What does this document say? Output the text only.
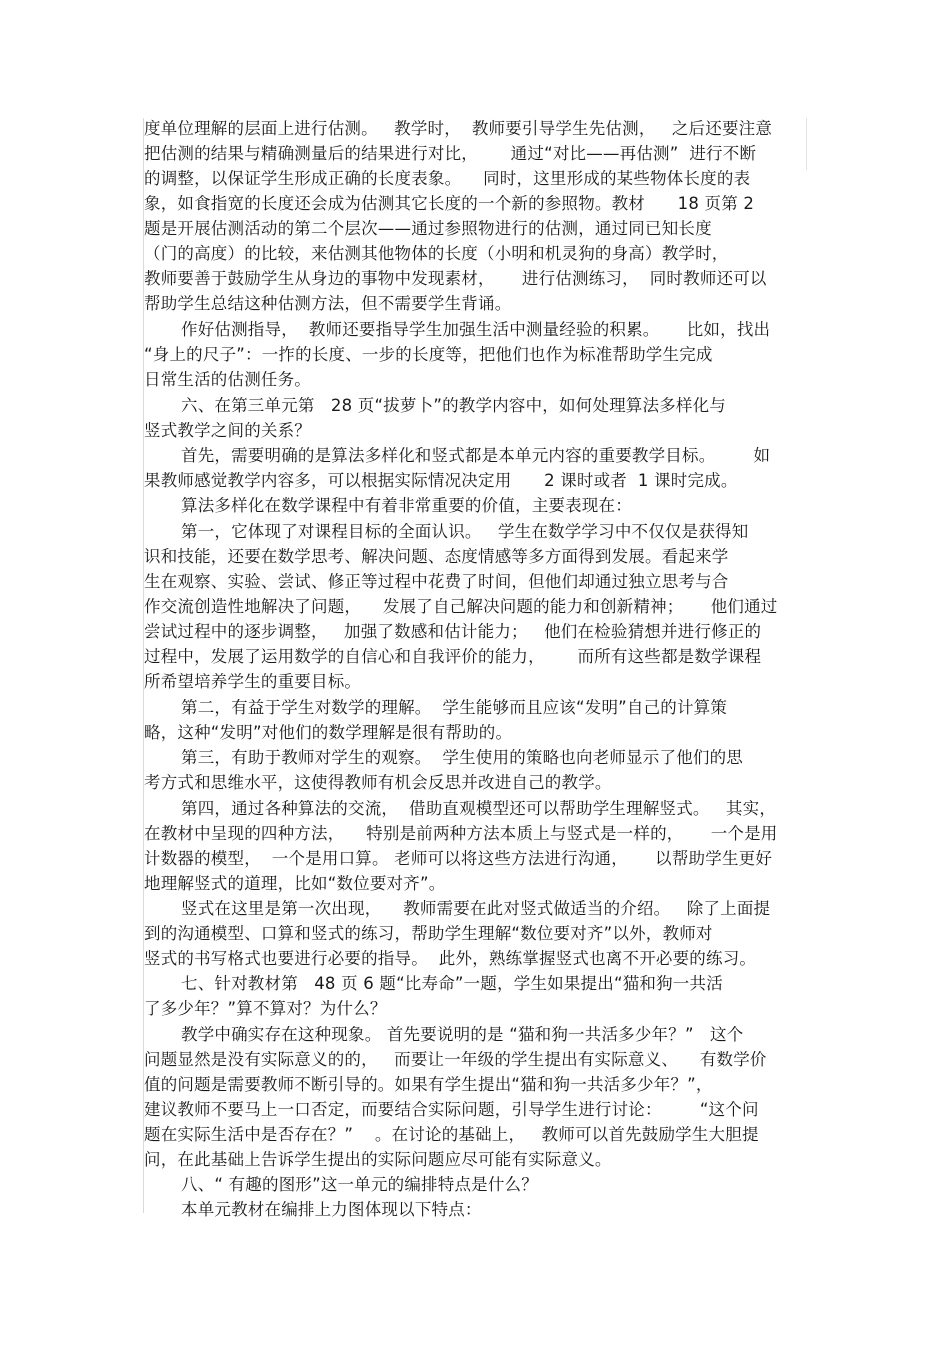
度单位理解的层面上进行估测。   教学时，  教师要引导学生先估测，   之后还要注意
把估测的结果与精确测量后的结果进行对比，      通过“对比——再估测”  进行不断
的调整，以保证学生形成正确的长度表象。    同时，这里形成的某些物体长度的表
象，如食指宽的长度还会成为估测其它长度的一个新的参照物。教材      18 页第 2
题是开展估测活动的第二个层次——通过参照物进行的估测，通过同已知长度
（门的高度）的比较，来估测其他物体的长度（小明和机灵狗的身高）教学时，
教师要善于鼓励学生从身边的事物中发现素材，     进行估测练习，  同时教师还可以
帮助学生总结这种估测方法，但不需要学生背诵。
作好估测指导，  教师还要指导学生加强生活中测量经验的积累。     比如，找出
“身上的尺子”：一拃的长度、一步的长度等，把他们也作为标准帮助学生完成
日常生活的估测任务。
六、在第三单元第   28 页“拔萝卜”的教学内容中，如何处理算法多样化与
竖式教学之间的关系？
首先，需要明确的是算法多样化和竖式都是本单元内容的重要教学目标。       如
果教师感觉教学内容多，可以根据实际情况决定用      2 课时或者  1 课时完成。
算法多样化在数学课程中有着非常重要的价值，主要表现在：
第一，它体现了对课程目标的全面认识。   学生在数学学习中不仅仅是获得知
识和技能，还要在数学思考、解决问题、态度情感等多方面得到发展。看起来学
生在观察、实验、尝试、修正等过程中花费了时间，但他们却通过独立思考与合
作交流创造性地解决了问题，    发展了自己解决问题的能力和创新精神；     他们通过
尝试过程中的逐步调整，   加强了数感和估计能力；   他们在检验猜想并进行修正的
过程中，发展了运用数学的自信心和自我评价的能力，      而所有这些都是数学课程
所希望培养学生的重要目标。
第二，有益于学生对数学的理解。  学生能够而且应该“发明”自己的计算策
略，这种“发明”对他们的数学理解是很有帮助的。
第三，有助于教师对学生的观察。  学生使用的策略也向老师显示了他们的思
考方式和思维水平，这使得教师有机会反思并改进自己的教学。
第四，通过各种算法的交流，  借助直观模型还可以帮助学生理解竖式。   其实，
在教材中呈现的四种方法，    特别是前两种方法本质上与竖式是一样的，     一个是用
计数器的模型，  一个是用口算。 老师可以将这些方法进行沟通，     以帮助学生更好
地理解竖式的道理，比如“数位要对齐”。
竖式在这里是第一次出现，    教师需要在此对竖式做适当的介绍。   除了上面提
到的沟通模型、口算和竖式的练习，帮助学生理解“数位要对齐”以外，教师对
竖式的书写格式也要进行必要的指导。  此外，熟练掌握竖式也离不开必要的练习。
七、针对教材第   48 页 6 题“比寿命”一题，学生如果提出“猫和狗一共活
了多少年？”算不算对？为什么？
教学中确实存在这种现象。 首先要说明的是 “猫和狗一共活多少年？”   这个
问题显然是没有实际意义的的，   而要让一年级的学生提出有实际意义、    有数学价
值的问题是需要教师不断引导的。如果有学生提出“猫和狗一共活多少年？”，
建议教师不要马上一口否定，而要结合实际问题，引导学生进行讨论：       “这个问
题在实际生活中是否存在？”    。在讨论的基础上，   教师可以首先鼓励学生大胆提
问，在此基础上告诉学生提出的实际问题应尽可能有实际意义。
八、“ 有趣的图形”这一单元的编排特点是什么？
本单元教材在编排上力图体现以下特点：
